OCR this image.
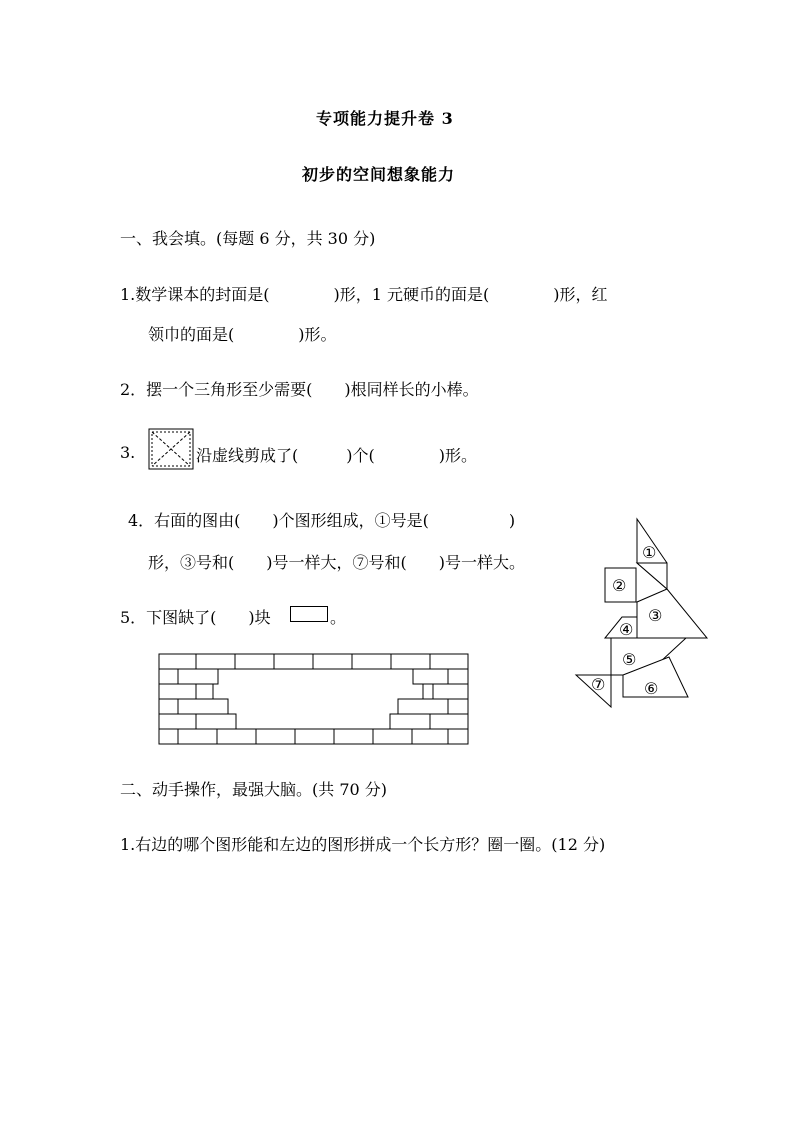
专项能力提升卷 3
初步的空间想象能力
一、我会填。(每题 6 分，共 30 分)
1.数学课本的封面是(　　　　)形，1 元硬币的面是(　　　　)形，红
领巾的面是(　　　　)形。
2．摆一个三角形至少需要(　　)根同样长的小棒。
3.	沿虚线剪成了(　　　)个(　　　　)形。
4．右面的图由(　　)个图形组成，①号是(　　　　　)
形，③号和(　　)号一样大，⑦号和(　　)号一样大。
①
②
③
④
⑤
⑥
⑦
5．下图缺了(　　)块	。
二、动手操作，最强大脑。(共 70 分)
1.右边的哪个图形能和左边的图形拼成一个长方形？圈一圈。(12 分)
